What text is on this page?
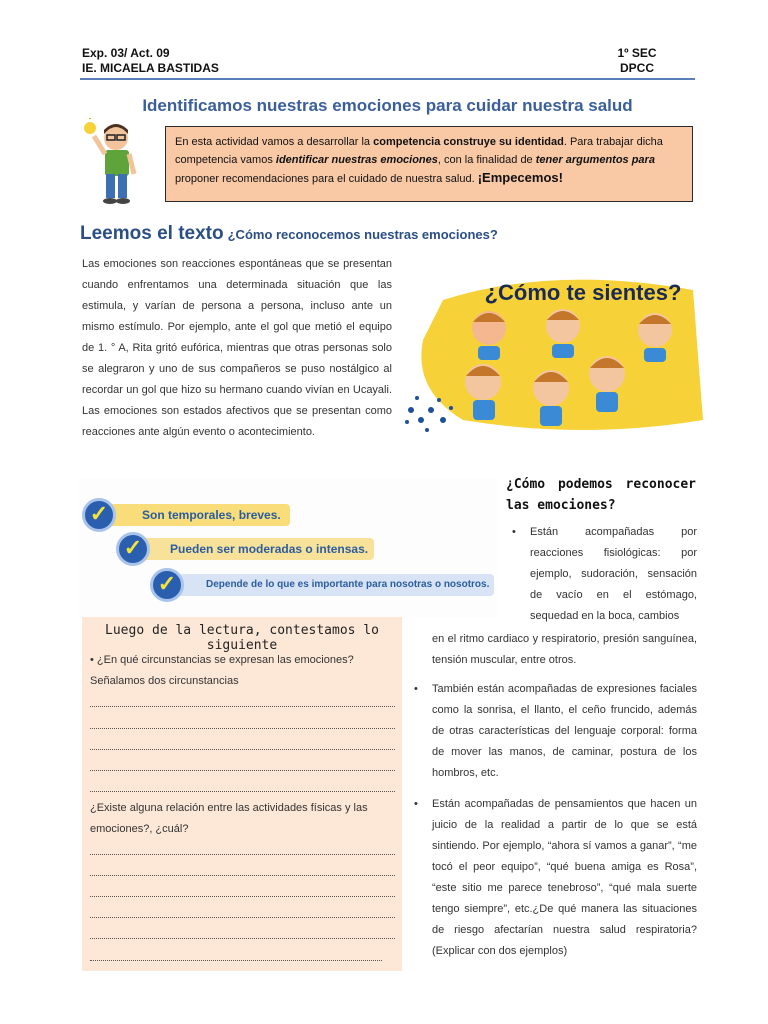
Exp. 03/ Act. 09
IE. MICAELA BASTIDAS
1º SEC
DPCC
Identificamos nuestras emociones para cuidar nuestra salud
En esta actividad vamos a desarrollar la competencia construye su identidad. Para trabajar dicha competencia vamos identificar nuestras emociones, con la finalidad de tener argumentos para proponer recomendaciones para el cuidado de nuestra salud. ¡Empecemos!
Leemos el texto ¿Cómo reconocemos nuestras emociones?
Las emociones son reacciones espontáneas que se presentan cuando enfrentamos una determinada situación que las estimula, y varían de persona a persona, incluso ante un mismo estímulo. Por ejemplo, ante el gol que metió el equipo de 1. ° A, Rita gritó eufórica, mientras que otras personas solo se alegraron y uno de sus compañeros se puso nostálgico al recordar un gol que hizo su hermano cuando vivían en Ucayali. Las emociones son estados afectivos que se presentan como reacciones ante algún evento o acontecimiento.
¿Cómo te sientes?
Son temporales, breves.
✓
Pueden ser moderadas o intensas.
✓
Depende de lo que es importante para nosotras o nosotros.
✓
¿Cómo podemos reconocer las emociones?
•	Están acompañadas por reacciones fisiológicas: por ejemplo, sudoración, sensación de vacío en el estómago, sequedad en la boca, cambios
en el ritmo cardiaco y respiratorio, presión sanguínea, tensión muscular, entre otros.
•	También están acompañadas de expresiones faciales como la sonrisa, el llanto, el ceño fruncido, además de otras características del lenguaje corporal: forma de mover las manos, de caminar, postura de los hombros, etc.
•	Están acompañadas de pensamientos que hacen un juicio de la realidad a partir de lo que se está sintiendo. Por ejemplo, “ahora sí vamos a ganar”, “me tocó el peor equipo”, “qué buena amiga es Rosa”, “este sitio me parece tenebroso”, “qué mala suerte tengo siempre”, etc.¿De qué manera las situaciones de riesgo afectarían nuestra salud respiratoria? (Explicar con dos ejemplos)
Luego de la lectura, contestamos lo siguiente
• ¿En qué circunstancias se expresan las emociones? Señalamos dos circunstancias
¿Existe alguna relación entre las actividades físicas y las emociones?, ¿cuál?
